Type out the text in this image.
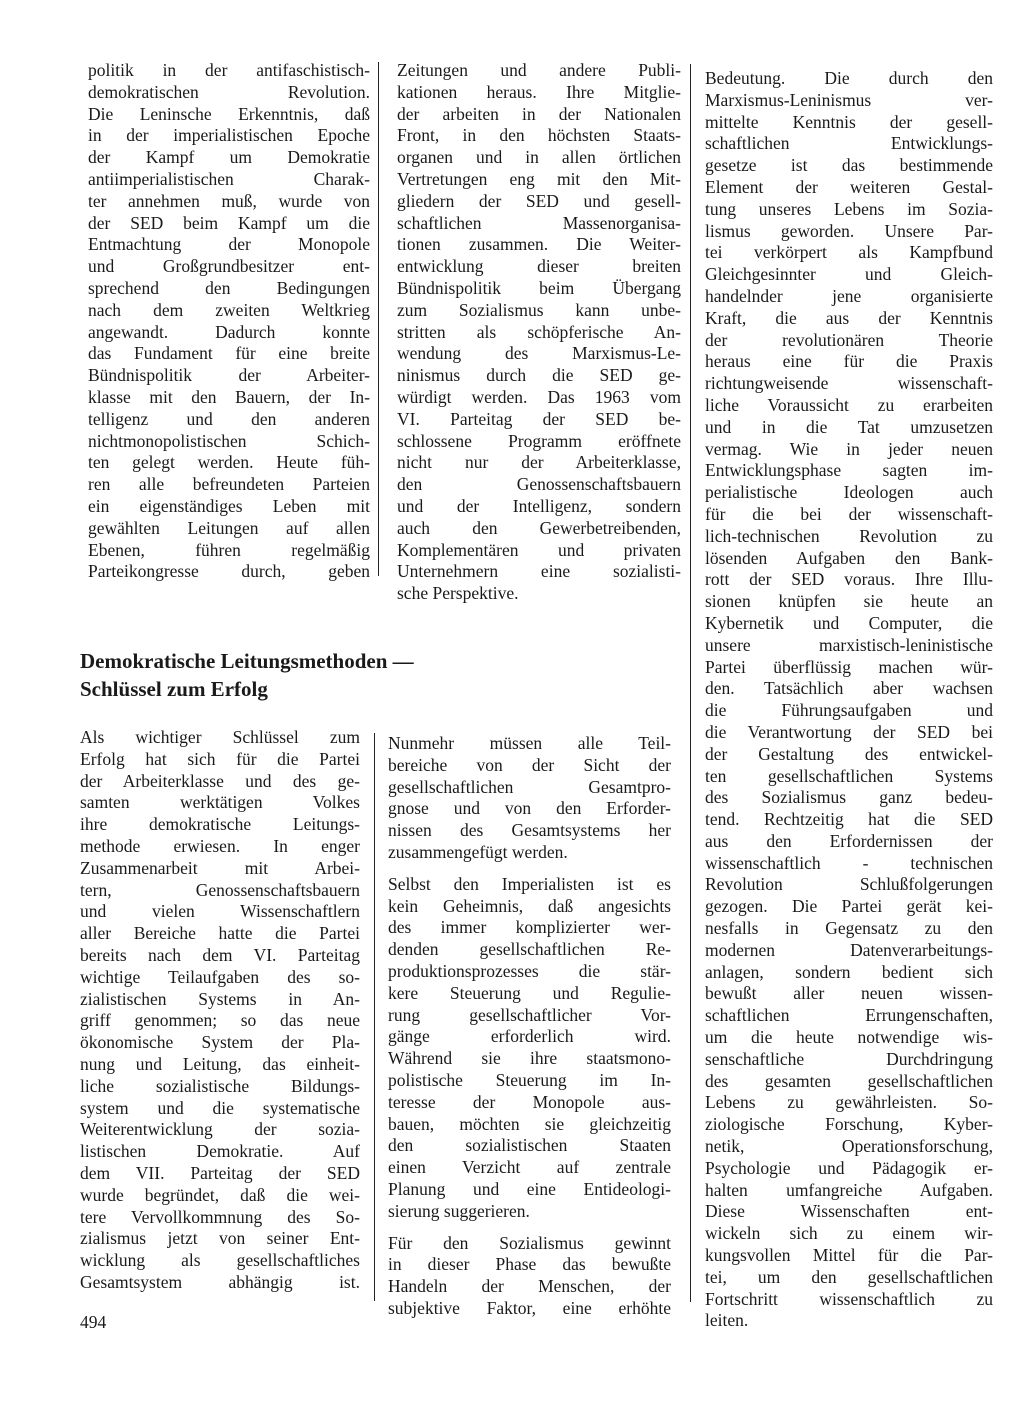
politik in der antifaschistisch-
demokratischen Revolution.
Die Leninsche Erkenntnis, daß
in der imperialistischen Epoche
der Kampf um Demokratie
antiimperialistischen Charak-
ter annehmen muß, wurde von
der SED beim Kampf um die
Entmachtung der Monopole
und Großgrundbesitzer ent-
sprechend den Bedingungen
nach dem zweiten Weltkrieg
angewandt. Dadurch konnte
das Fundament für eine breite
Bündnispolitik der Arbeiter-
klasse mit den Bauern, der In-
telligenz und den anderen
nichtmonopolistischen Schich-
ten gelegt werden. Heute füh-
ren alle befreundeten Parteien
ein eigenständiges Leben mit
gewählten Leitungen auf allen
Ebenen, führen regelmäßig
Parteikongresse durch, geben
Zeitungen und andere Publi-
kationen heraus. Ihre Mitglie-
der arbeiten in der Nationalen
Front, in den höchsten Staats-
organen und in allen örtlichen
Vertretungen eng mit den Mit-
gliedern der SED und gesell-
schaftlichen Massenorganisa-
tionen zusammen. Die Weiter-
entwicklung dieser breiten
Bündnispolitik beim Übergang
zum Sozialismus kann unbe-
stritten als schöpferische An-
wendung des Marxismus-Le-
ninismus durch die SED ge-
würdigt werden. Das 1963 vom
VI. Parteitag der SED be-
schlossene Programm eröffnete
nicht nur der Arbeiterklasse,
den Genossenschaftsbauern
und der Intelligenz, sondern
auch den Gewerbetreibenden,
Komplementären und privaten
Unternehmern eine sozialisti-
sche Perspektive.
Bedeutung. Die durch den
Marxismus-Leninismus ver-
mittelte Kenntnis der gesell-
schaftlichen Entwicklungs-
gesetze ist das bestimmende
Element der weiteren Gestal-
tung unseres Lebens im Sozia-
lismus geworden. Unsere Par-
tei verkörpert als Kampfbund
Gleichgesinnter und Gleich-
handelnder jene organisierte
Kraft, die aus der Kenntnis
der revolutionären Theorie
heraus eine für die Praxis
richtungweisende wissenschaft-
liche Voraussicht zu erarbeiten
und in die Tat umzusetzen
vermag. Wie in jeder neuen
Entwicklungsphase sagten im-
perialistische Ideologen auch
für die bei der wissenschaft-
lich-technischen Revolution zu
lösenden Aufgaben den Bank-
rott der SED voraus. Ihre Illu-
sionen knüpfen sie heute an
Kybernetik und Computer, die
unsere marxistisch-leninistische
Partei überflüssig machen wür-
den. Tatsächlich aber wachsen
die Führungsaufgaben und
die Verantwortung der SED bei
der Gestaltung des entwickel-
ten gesellschaftlichen Systems
des Sozialismus ganz bedeu-
tend. Rechtzeitig hat die SED
aus den Erfordernissen der
wissenschaftlich - technischen
Revolution Schlußfolgerungen
gezogen. Die Partei gerät kei-
nesfalls in Gegensatz zu den
modernen Datenverarbeitungs-
anlagen, sondern bedient sich
bewußt aller neuen wissen-
schaftlichen Errungenschaften,
um die heute notwendige wis-
senschaftliche Durchdringung
des gesamten gesellschaftlichen
Lebens zu gewährleisten. So-
ziologische Forschung, Kyber-
netik, Operationsforschung,
Psychologie und Pädagogik er-
halten umfangreiche Aufgaben.
Diese Wissenschaften ent-
wickeln sich zu einem wir-
kungsvollen Mittel für die Par-
tei, um den gesellschaftlichen
Fortschritt wissenschaftlich zu
leiten.
Demokratische Leitungsmethoden —
Schlüssel zum Erfolg
Als wichtiger Schlüssel zum
Erfolg hat sich für die Partei
der Arbeiterklasse und des ge-
samten werktätigen Volkes
ihre demokratische Leitungs-
methode erwiesen. In enger
Zusammenarbeit mit Arbei-
tern, Genossenschaftsbauern
und vielen Wissenschaftlern
aller Bereiche hatte die Partei
bereits nach dem VI. Parteitag
wichtige Teilaufgaben des so-
zialistischen Systems in An-
griff genommen; so das neue
ökonomische System der Pla-
nung und Leitung, das einheit-
liche sozialistische Bildungs-
system und die systematische
Weiterentwicklung der sozia-
listischen Demokratie. Auf
dem VII. Parteitag der SED
wurde begründet, daß die wei-
tere Vervollkommnung des So-
zialismus jetzt von seiner Ent-
wicklung als gesellschaftliches
Gesamtsystem abhängig ist.
Nunmehr müssen alle Teil-
bereiche von der Sicht der
gesellschaftlichen Gesamtpro-
gnose und von den Erforder-
nissen des Gesamtsystems her
zusammengefügt werden.
Selbst den Imperialisten ist es
kein Geheimnis, daß angesichts
des immer komplizierter wer-
denden gesellschaftlichen Re-
produktionsprozesses die stär-
kere Steuerung und Regulie-
rung gesellschaftlicher Vor-
gänge erforderlich wird.
Während sie ihre staatsmono-
polistische Steuerung im In-
teresse der Monopole aus-
bauen, möchten sie gleichzeitig
den sozialistischen Staaten
einen Verzicht auf zentrale
Planung und eine Entideologi-
sierung suggerieren.
Für den Sozialismus gewinnt
in dieser Phase das bewußte
Handeln der Menschen, der
subjektive Faktor, eine erhöhte
494
